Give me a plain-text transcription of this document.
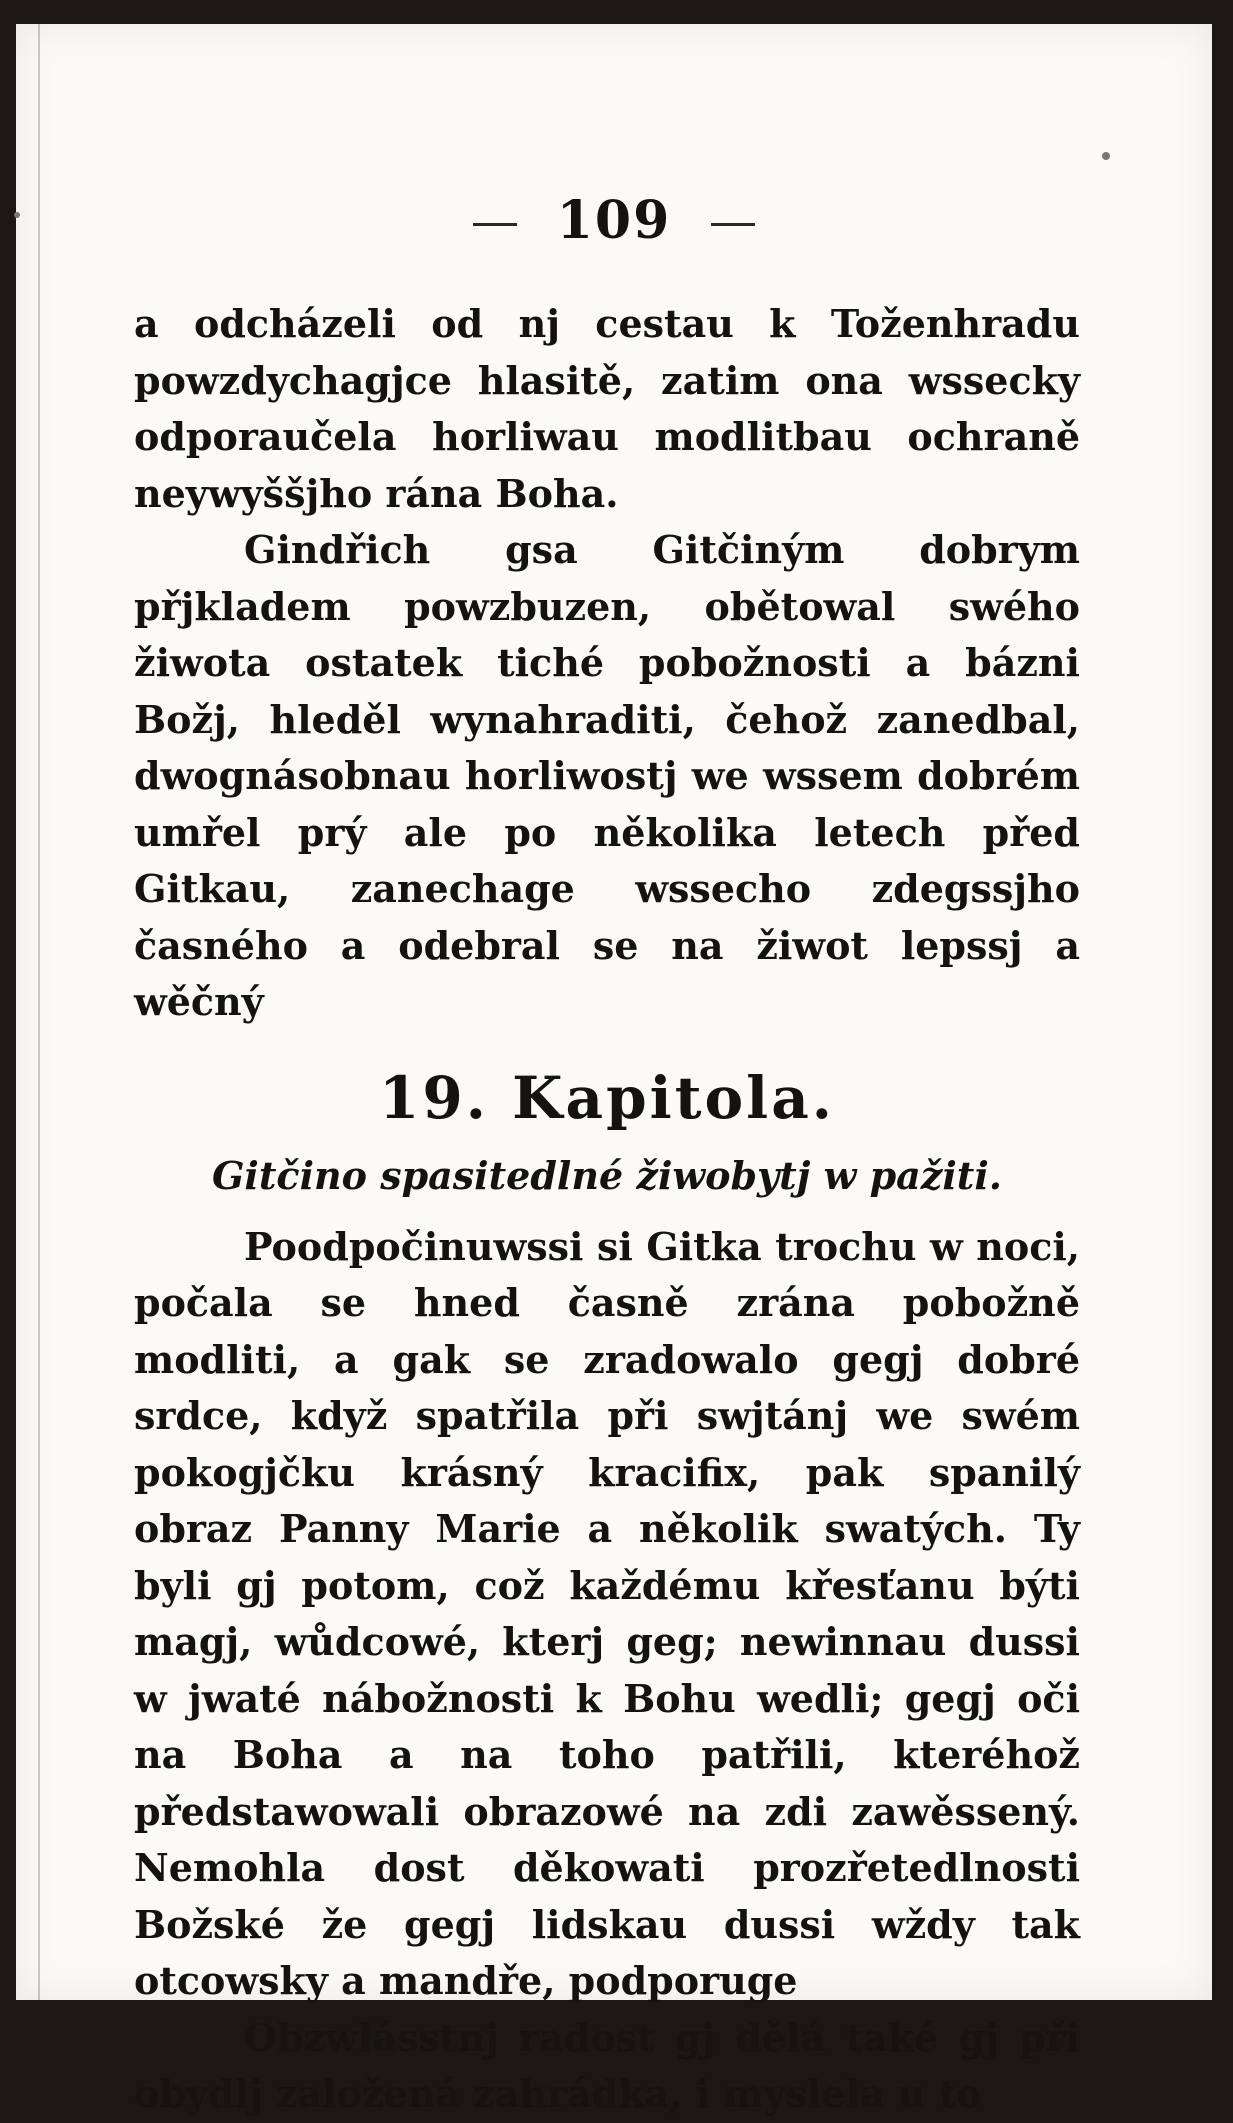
109

a odcházeli od nj cestau k Toženhradu powzdychagjce hlasitě, zatim ona wssecky odporaučela horliwau modlitbau ochraně neywyššjho rána Boha.

Gindřich gsa Gitčiným dobrym přjkladem powzbuzen, obětowal swého žiwota ostatek tiché pobožnosti a bázni Božj, hleděl wynahraditi, čehož zanedbal, dwognásobnau horliwostj we wssem dobrém umřel prý ale po několika letech před Gitkau, zanechage wssecho zdegssjho časného a odebral se na žiwot lepssj a wěčný

19. Kapitola.
Gitčino spasitedlné žiwobytj w pažiti.

Poodpočinuwssi si Gitka trochu w noci, počala se hned časně zrána pobožně modliti, a gak se zradowalo gegj dobré srdce, když spatřila při swjtánj we swém pokogjčku krásný kracifix, pak spanilý obraz Panny Marie a několik swatých. Ty byli gj potom, což každému křesťanu býti magj, wůdcowé, kterj geg; newinnau dussi w jwaté nábožnosti k Bohu wedli; gegj oči na Boha a na toho patřili, kteréhož předstawowali obrazowé na zdi zawěssený. Nemohla dost děkowati prozřetedlnosti Božské že gegj lidskau dussi wždy tak otcowsky a mandře, podporuge

Obzwlásstnj radost gj dělá také gj při obydlj založená zahrádka, i myslela u to
